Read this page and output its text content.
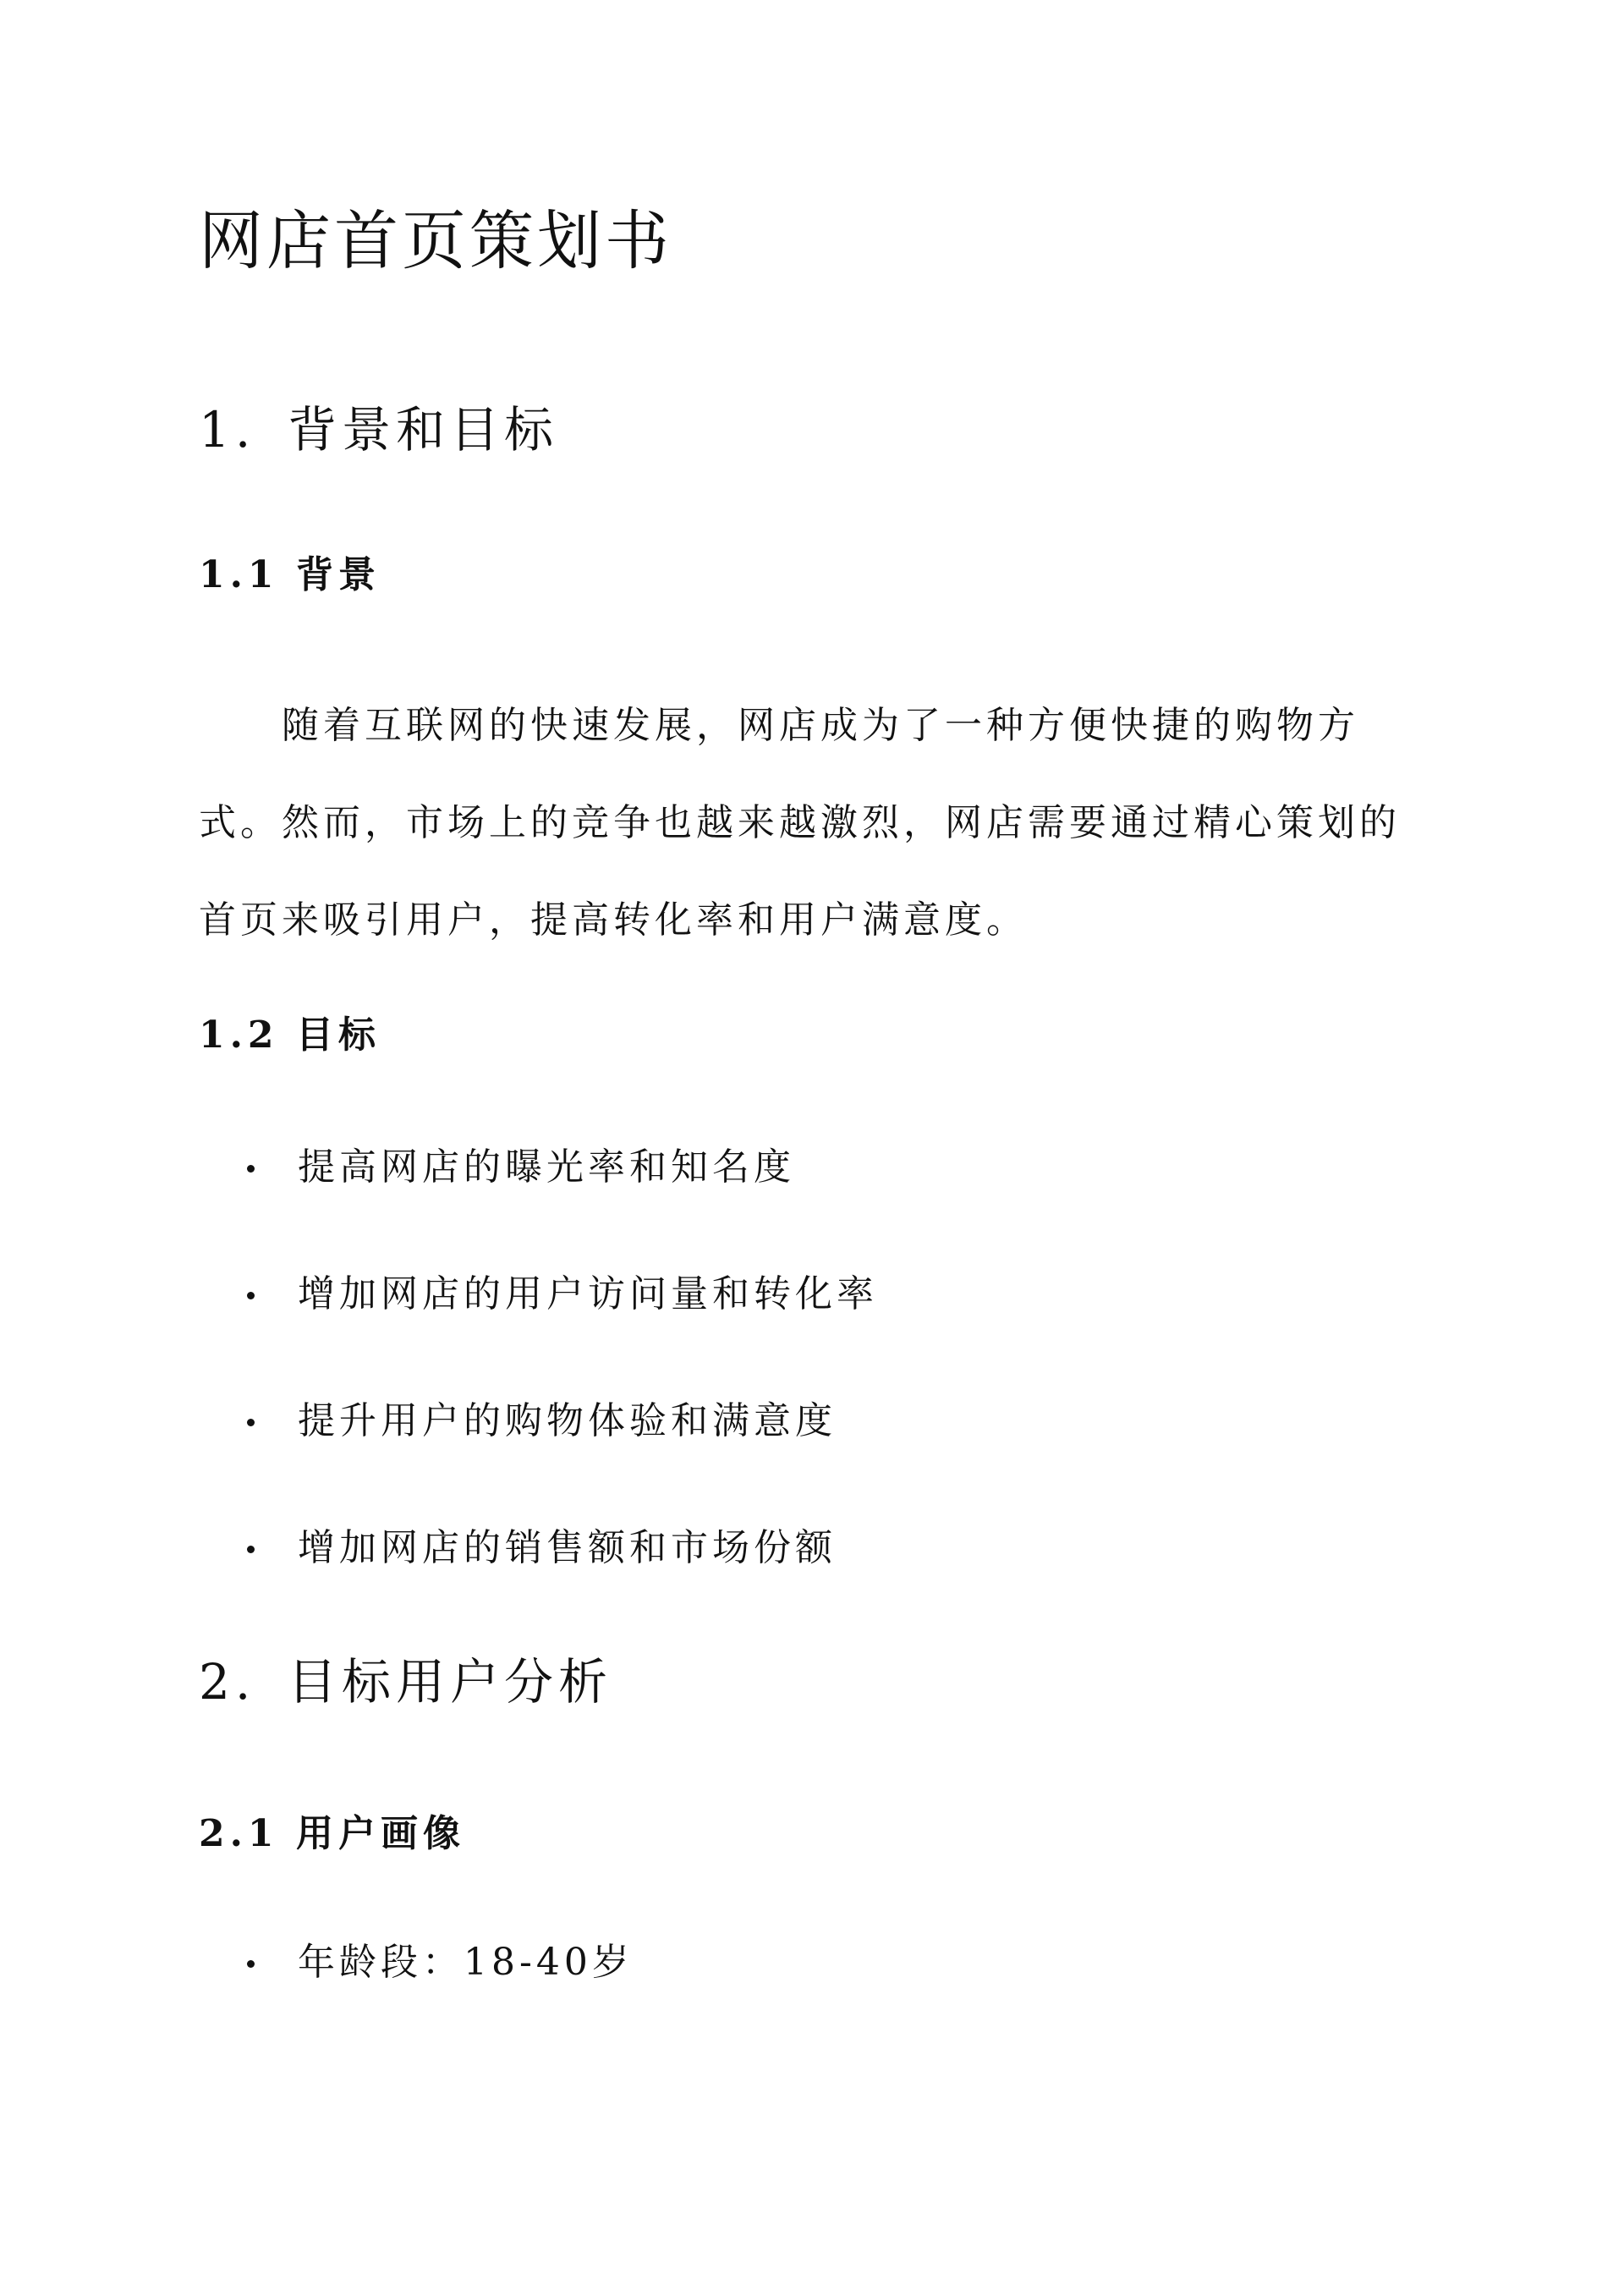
网店首页策划书
1. 背景和目标
1.1 背景

随着互联网的快速发展，网店成为了一种方便快捷的购物方式。然而，市场上的竞争也越来越激烈，网店需要通过精心策划的首页来吸引用户，提高转化率和用户满意度。

1.2 目标
提高网店的曝光率和知名度
增加网店的用户访问量和转化率
提升用户的购物体验和满意度
增加网店的销售额和市场份额
2. 目标用户分析
2.1 用户画像
年龄段：18-40岁
